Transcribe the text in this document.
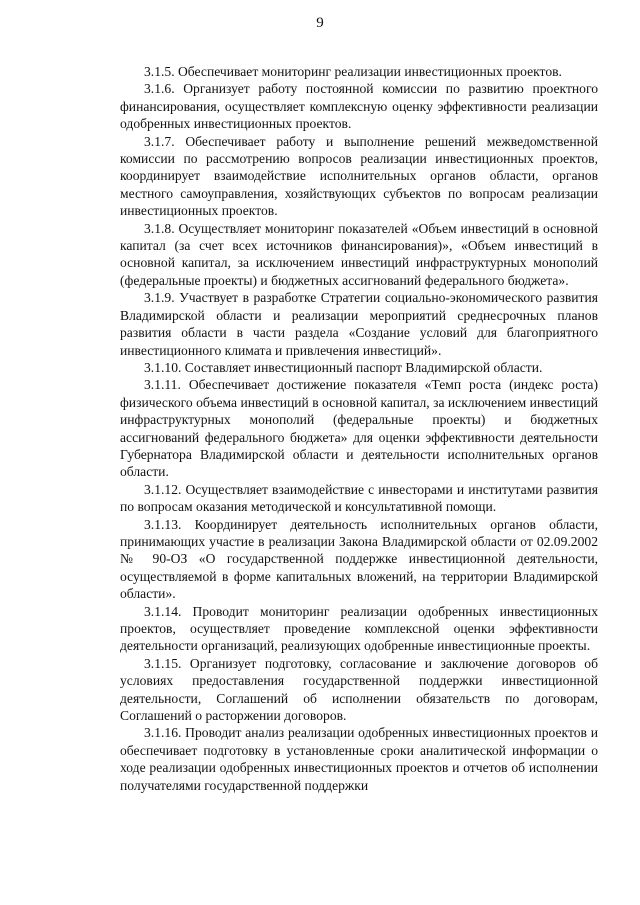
9

3.1.5. Обеспечивает мониторинг реализации инвестиционных проектов.

3.1.6. Организует работу постоянной комиссии по развитию проектного финансирования, осуществляет комплексную оценку эффективности реализации одобренных инвестиционных проектов.

3.1.7. Обеспечивает работу и выполнение решений межведомственной комиссии по рассмотрению вопросов реализации инвестиционных проектов, координирует взаимодействие исполнительных органов области, органов местного самоуправления, хозяйствующих субъектов по вопросам реализации инвестиционных проектов.

3.1.8. Осуществляет мониторинг показателей «Объем инвестиций в основной капитал (за счет всех источников финансирования)», «Объем инвестиций в основной капитал, за исключением инвестиций инфраструктурных монополий (федеральные проекты) и бюджетных ассигнований федерального бюджета».

3.1.9. Участвует в разработке Стратегии социально-экономического развития Владимирской области и реализации мероприятий среднесрочных планов развития области в части раздела «Создание условий для благоприятного инвестиционного климата и привлечения инвестиций».

3.1.10. Составляет инвестиционный паспорт Владимирской области.

3.1.11. Обеспечивает достижение показателя «Темп роста (индекс роста) физического объема инвестиций в основной капитал, за исключением инвестиций инфраструктурных монополий (федеральные проекты) и бюджетных ассигнований федерального бюджета» для оценки эффективности деятельности Губернатора Владимирской области и деятельности исполнительных органов области.

3.1.12. Осуществляет взаимодействие с инвесторами и институтами развития по вопросам оказания методической и консультативной помощи.

3.1.13. Координирует деятельность исполнительных органов области, принимающих участие в реализации Закона Владимирской области от 02.09.2002 № 90-ОЗ «О государственной поддержке инвестиционной деятельности, осуществляемой в форме капитальных вложений, на территории Владимирской области».

3.1.14. Проводит мониторинг реализации одобренных инвестиционных проектов, осуществляет проведение комплексной оценки эффективности деятельности организаций, реализующих одобренные инвестиционные проекты.

3.1.15. Организует подготовку, согласование и заключение договоров об условиях предоставления государственной поддержки инвестиционной деятельности, Соглашений об исполнении обязательств по договорам, Соглашений о расторжении договоров.

3.1.16. Проводит анализ реализации одобренных инвестиционных проектов и обеспечивает подготовку в установленные сроки аналитической информации о ходе реализации одобренных инвестиционных проектов и отчетов об исполнении получателями государственной поддержки
